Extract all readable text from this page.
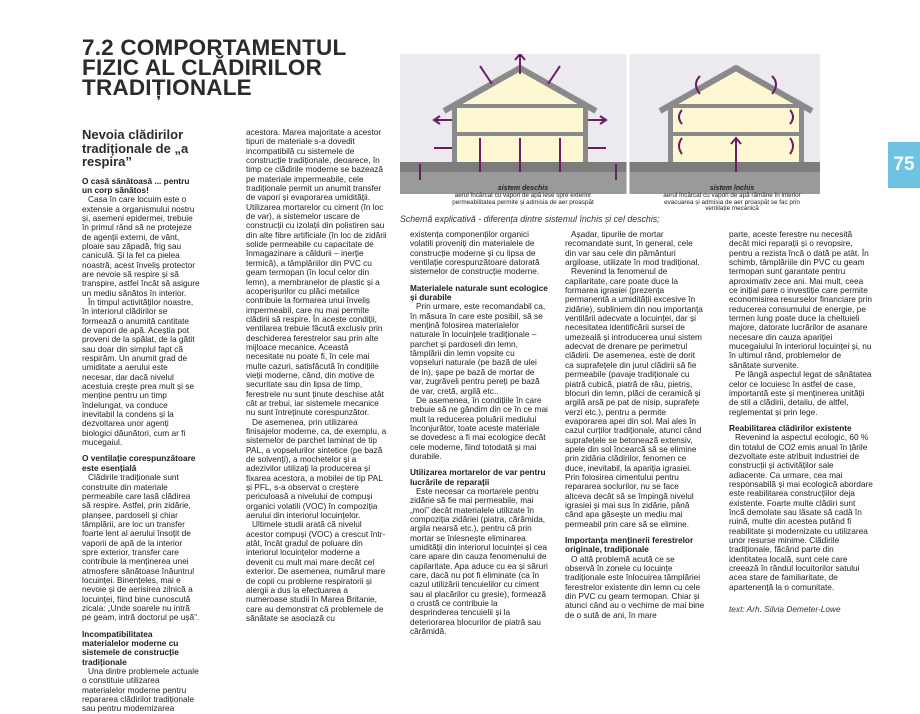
7.2 COMPORTAMENTUL FIZIC AL CLĂDIRILOR TRADIȚIONALE
75
Nevoia clădirilor tradiționale de „a respira”
O casă sănătoasă ... pentru un corp sănătos!

Casa în care locuim este o extensie a organismului nostru și, asemeni epidermei, trebuie în primul rând să ne protejeze de agenții externi, de vânt, ploaie sau zăpadă, frig sau caniculă. Și la fel ca pielea noastră, acest înveliș protector are nevoie să respire și să transpire, astfel încât să asigure un mediu sănătos în interior.

În timpul activităților noastre, în interiorul clădirilor se formează o anumită cantitate de vapori de apă. Aceștia pot proveni de la spălat, de la gătit sau doar din simplul fapt că respirăm. Un anumit grad de umiditate a aerului este necesar, dar dacă nivelul acestuia crește prea mult și se menține pentru un timp îndelungat, va conduce inevitabil la condens și la dezvoltarea unor agenți biologici dăunători, cum ar fi mucegaiul.

O ventilație corespunzătoare este esențială

Clădirile tradiționale sunt construite din materiale permeabile care lasă clădirea să respire. Astfel, prin zidărie, planșee, pardoseli și chiar tâmplării, are loc un transfer foarte lent al aerului însoțit de vaporii de apă de la interior spre exterior, transfer care contribuie la menținerea unei atmosfere sănătoase înăuntrul locuinței. Binențeles, mai e nevoie și de aerisirea zilnică a locuinței, fiind bine cunoscută zicala: „Unde soarele nu intră pe geam, intră doctorul pe ușă”.

Incompatibilitatea materialelor moderne cu sistemele de construcție tradiționale

Una dintre problemele actuale o constituie utilizarea materialelor moderne pentru repararea clădirilor tradiționale sau pentru modernizarea

acestora. Marea majoritate a acestor tipuri de materiale s-a dovedit incompatibilă cu sistemele de construcție tradiționale, deoarece, în timp ce clădirile moderne se bazează pe materiale impermeabile, cele tradiționale permit un anumit transfer de vapori și evaporarea umidității. Utilizarea mortarelor cu ciment (în loc de var), a sistemelor uscare de construcții cu izolații din polistiren sau din alte fibre artificiale (în loc de zidării solide permeabile cu capacitate de înmagazinare a căldurii – inerție termică), a tâmplăriilor din PVC cu geam termopan (în locul celor din lemn), a membranelor de plastic și a acoperișurilor cu plăci metalice contribuie la formarea unui înveliș impermeabil, care nu mai permite clădirii să respire. În aceste condiții, ventilarea trebuie făcută exclusiv prin deschiderea ferestrelor sau prin alte mijloace mecanice. Această necesitate nu poate fi, în cele mai multe cazuri, satisfăcută în condițiile vieții moderne, când, din motive de securitate sau din lipsa de timp, ferestrele nu sunt ținute deschise atât cât ar trebui, iar sistemele mecanice nu sunt întreținute corespunzător.

De asemenea, prin utilizarea finisajelor moderne, ca, de exemplu, a sistemelor de parchet laminat de tip PAL, a vopselurilor sintetice (pe bază de solvenți), a mochetelor și a adezivilor utilizați la producerea și fixarea acestora, a mobilei de tip PAL și PFL, s-a observat o creștere periculoasă a nivelului de compuși organici volatili (VOC) în compoziția aerului din interiorul locuințelor.

Ultimele studii arată că nivelul acestor compuși (VOC) a crescut într-atât, încât gradul de poluare din interiorul locuințelor moderne a devenit cu mult mai mare decât cel exterior. De asemenea, numărul mare de copii cu probleme respiratorii și alergii a dus la efectuarea a numeroase studii în Marea Britanie, care au demonstrat că problemele de sănătate se asociază cu

sistem deschis
aerul încărcat cu vapori de apă iese spre exterior permeabilitatea permite și admisia de aer proaspăt
sistem închis
aerul încărcat cu vapori de apă rămâne în interior evacuarea și admisia de aer proaspăt se fac prin ventilație mecanică
Schemă explicativă - diferența dintre sistemul închis și cel deschis;

existența componenților organici volatili proveniți din materialele de construcție moderne și cu lipsa de ventilație corespunzătoare datorată sistemelor de construcție moderne.

Materialele naturale sunt ecologice și durabile

Prin urmare, este recomandabil ca, în măsura în care este posibil, să se mențină folosirea materialelor naturale în locuințele tradiționale – parchet și pardoseli din lemn, tâmplării din lemn vopsite cu vopseluri naturale (pe bază de ulei de in), șape pe bază de mortar de var, zugrăveli pentru pereți pe bază de var, cretă, argilă etc..

De asemenea, în condițiile în care trebuie să ne gândim din ce în ce mai mult la reducerea poluării mediului înconjurător, toate aceste materiale se dovedesc a fi mai ecologice decât cele moderne, fiind totodată și mai durabile.

Utilizarea mortarelor de var pentru lucrările de reparații

Este necesar ca mortarele pentru zidărie să fie mai permeabile, mai „moi” decât materialele utilizate în compoziția zidăriei (piatra, cărămida, argila nearsă etc.), pentru că prin mortar se înlesnește eliminarea umidității din interiorul locuinței și cea care apare din cauza fenomenului de capilaritate. Apa aduce cu ea și săruri care, dacă nu pot fi eliminate (ca în cazul utilizării tencuielilor cu ciment sau al placărilor cu gresie), formează o crustă ce contribuie la desprinderea tencuielii și la deteriorarea blocurilor de piatră sau cărămidă.

Așadar, tipurile de mortar recomandate sunt, în general, cele din var sau cele din pământuri argiloase, utilizate în mod tradițional.

Revenind la fenomenul de capilaritate, care poate duce la formarea igrasiei (prezența permanentă a umidității excesive în zidărie), subliniem din nou importanța ventilării adecvate a locuinței, dar și necesitatea identificării sursei de umezeală și introducerea unui sistem adecvat de drenare pe perimetrul clădirii. De asemenea, este de dorit ca suprafețele din jurul clădirii să fie permeabile (pavaje tradiționale cu piatră cubică, piatră de râu, pietriș, blocuri din lemn, plăci de ceramică și argilă arsă pe pat de nisip, suprafețe verzi etc.), pentru a permite evaporarea apei din sol. Mai ales în cazul curților tradiționale, atunci când suprafețele se betonează extensiv, apele din sol încearcă să se elimine prin zidăria clădirilor, fenomen ce duce, inevitabil, la apariția igrasiei. Prin folosirea cimentului pentru repararea soclurilor, nu se face altceva decât să se împingă nivelul igrasiei și mai sus în zidărie, până când apa găsește un mediu mai permeabil prin care să se elimine.

Importanța menținerii ferestrelor originale, tradiționale

O altă problemă acută ce se observă în zonele cu locuințe tradiționale este înlocuirea tâmplăriei ferestrelor existente din lemn cu cele din PVC cu geam termopan. Chiar și atunci când au o vechime de mai bine de o sută de ani, în mare

parte, aceste ferestre nu necesită decât mici reparații și o revopsire, pentru a rezista încă o dată pe atât. În schimb, tâmplăriile din PVC cu geam termopan sunt garantate pentru aproximativ zece ani. Mai mult, ceea ce inițial pare o investiție care permite economisirea resurselor financiare prin reducerea consumului de energie, pe termen lung poate duce la cheltuieli majore, datorate lucrărilor de asanare necesare din cauza apariției mucegaiului în interiorul locuinței și, nu în ultimul rând, problemelor de sănătate survenite.

Pe lângă aspectul legat de sănătatea celor ce locuiesc în astfel de case, importantă este și menținerea unității de stil a clădirii, detaliu, de altfel, reglementat și prin lege.

Reabilitarea clădirilor existente

Revenind la aspectul ecologic, 60 % din totalul de CO2 emis anual în țările dezvoltate este atribuit industriei de construcții și activităților sale adiacente. Ca urmare, cea mai responsabilă și mai ecologică abordare este reabilitarea construcțiilor deja existente. Foarte multe clădiri sunt încă demolate sau lăsate să cadă în ruină, multe din acestea putând fi reabilitate și modernizate cu utilizarea unor resurse minime. Clădirile tradiționale, făcând parte din identitatea locală, sunt cele care creează în rândul locuitorilor satului acea stare de familiaritate, de apartenență la o comunitate.

text: Arh. Silvia Demeter-Lowe
